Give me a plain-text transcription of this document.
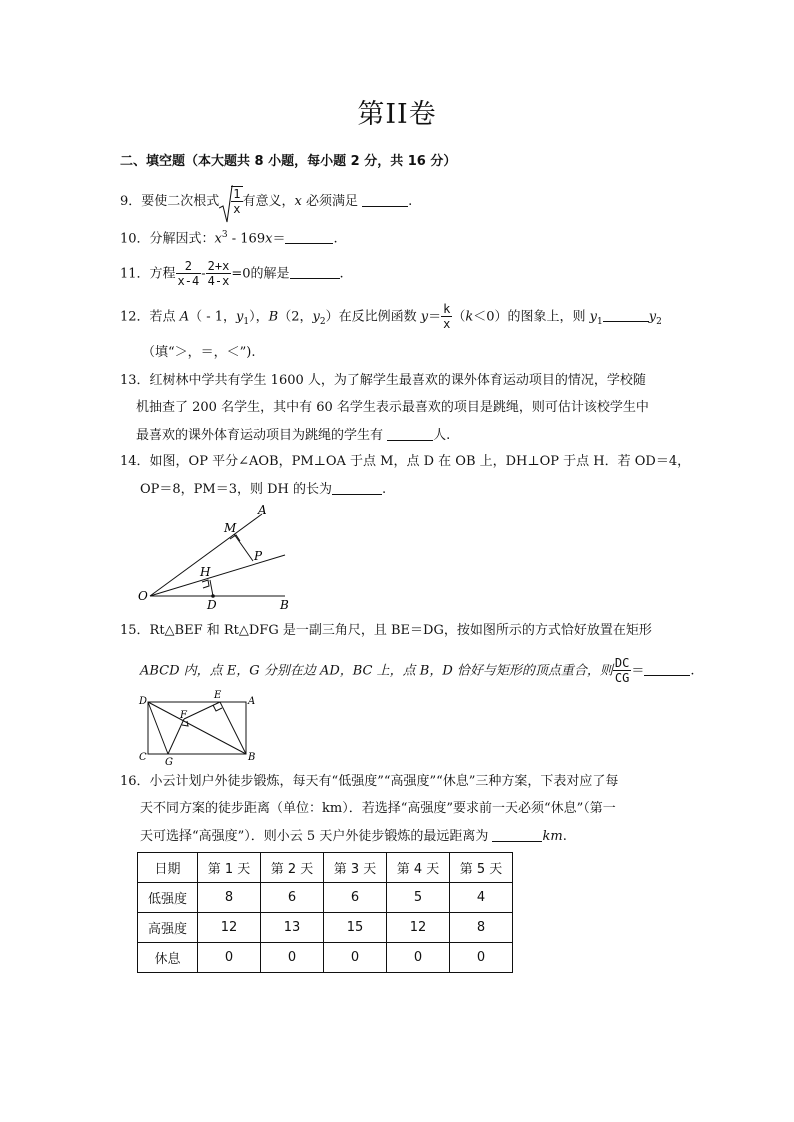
第II卷
二、填空题（本大题共 8 小题，每小题 2 分，共 16 分）
9．要使二次根式 $\frac{1}{x}$ 有意义，x 必须满足	.
10．分解因式：$x^3 - 169x=$	.
11．方程 $\frac{2}{x-4} - \frac{2+x}{4-x} =0$的解是	.
12．若点 A（ - 1，$y_1$），B（2，$y_2$）在反比例函数 $y= \frac{k}{x} (k<0)$的图象上，则 $y_1$	$y_2$
（填“＞，＝，＜”).
13．红树林中学共有学生 1600 人，为了解学生最喜欢的课外体育运动项目的情况，学校随
机抽查了 200 名学生，其中有 60 名学生表示最喜欢的项目是跳绳，则可估计该校学生中
最喜欢的课外体育运动项目为跳绳的学生有	人.
14．如图，OP 平分∠AOB，PM⊥OA 于点 M，点 D 在 OB 上，DH⊥OP 于点 H．若 OD＝4，
OP＝8，PM＝3，则 DH 的长为	.
A
M
P
H
O
D	B
15．Rt△BEF 和 Rt△DFG 是一副三角尺，且 BE＝DG，按如图所示的方式恰好放置在矩形
ABCD 内，点 E，G 分别在边 AD，BC 上，点 B，D 恰好与矩形的顶点重合，则 $\frac{DC}{CG}$ ＝	.
D
E
A
F
C G	B
16．小云计划户外徒步锻炼，每天有“低强度”“高强度”“休息”三种方案，下表对应了每
天不同方案的徒步距离（单位：km）．若选择“高强度”要求前一天必须“休息”（第一
天可选择“高强度”）．则小云 5 天户外徒步锻炼的最远距离为	km.
日期	第 1 天	第 2 天	第 3 天	第 4 天	第 5 天
低强度	8	6	6	5	4
高强度	12	13	15	12	8
休息	0	0	0	0	0
